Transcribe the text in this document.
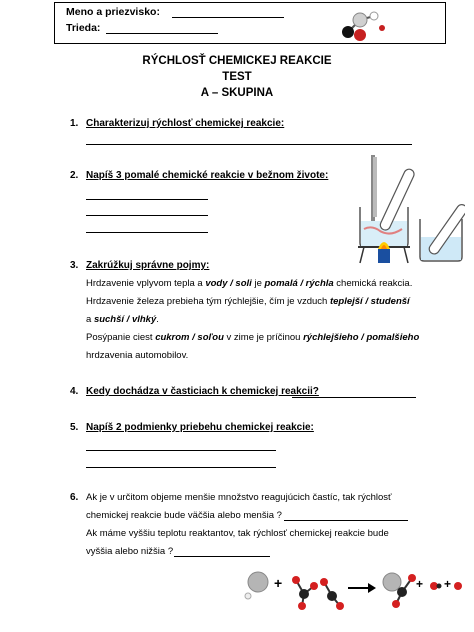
Meno a priezvisko:
Trieda:
RÝCHLOSŤ CHEMICKEJ REAKCIE
TEST
A – SKUPINA
1. Charakterizuj rýchlosť chemickej reakcie:
2. Napíš 3 pomalé chemické reakcie v bežnom živote:
3. Zakrúžkuj správne pojmy:
Hrdzavenie vplyvom tepla a vody / soli je pomalá / rýchla chemická reakcia.
Hrdzavenie železa prebieha tým rýchlejšie, čím je vzduch teplejší / studenší
a suchší / vlhký.
Posýpanie ciest cukrom / soľou v zime je príčinou rýchlejšieho / pomalšieho
hrdzavenia automobilov.
4. Kedy dochádza v časticiach k chemickej reakcii?
5. Napíš 2 podmienky priebehu chemickej reakcie:
6. Ak je v určitom objeme menšie množstvo reagujúcich častíc, tak rýchlosť
chemickej reakcie bude väčšia alebo menšia ?
Ak máme vyššiu teplotu reaktantov, tak rýchlosť chemickej reakcie bude
vyššia alebo nižšia ?
+	+ +
